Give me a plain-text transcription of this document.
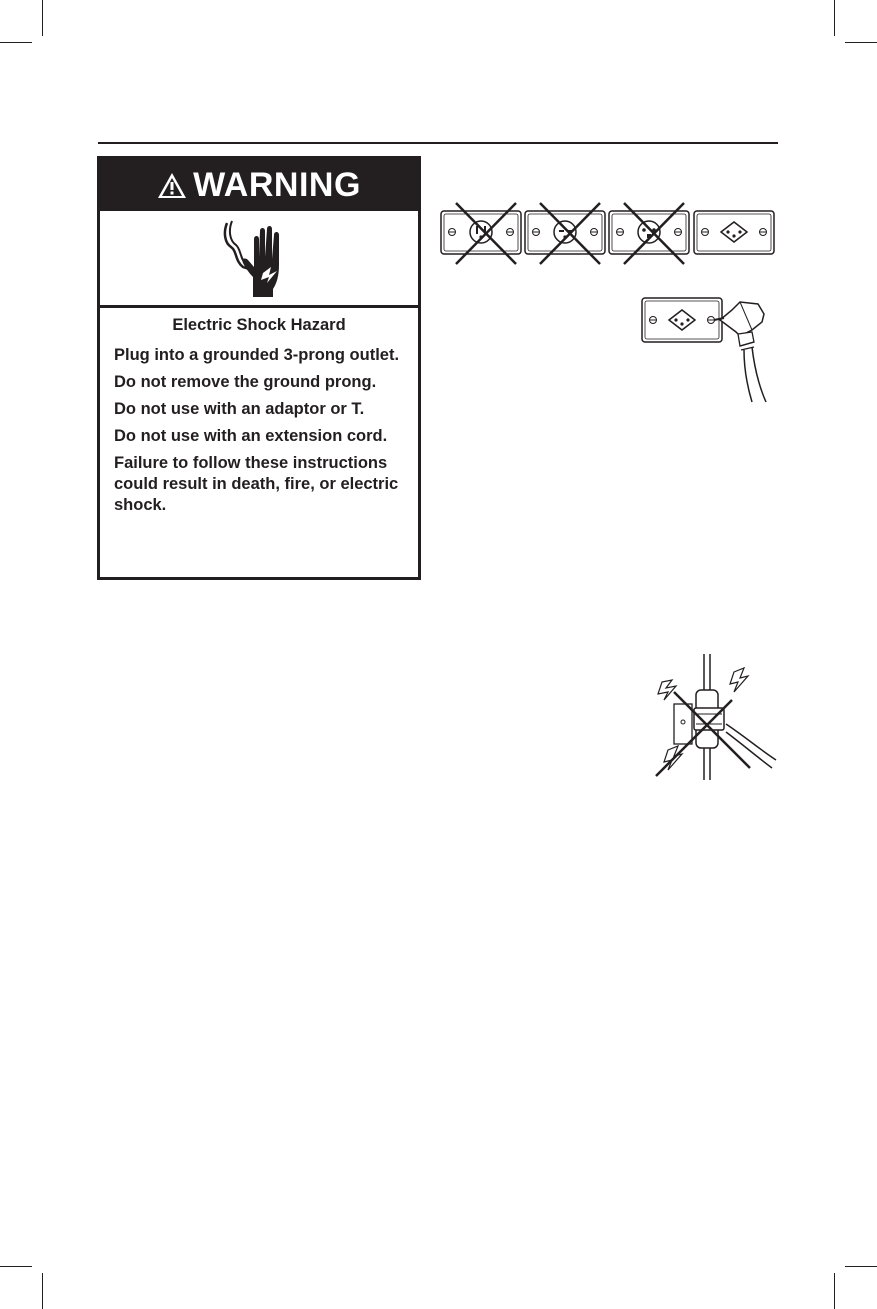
WARNING
Electric Shock Hazard

Plug into a grounded 3-prong outlet.

Do not remove the ground prong.

Do not use with an adaptor or T.

Do not use with an extension cord.

Failure to follow these instructions could result in death, fire, or electric shock.
